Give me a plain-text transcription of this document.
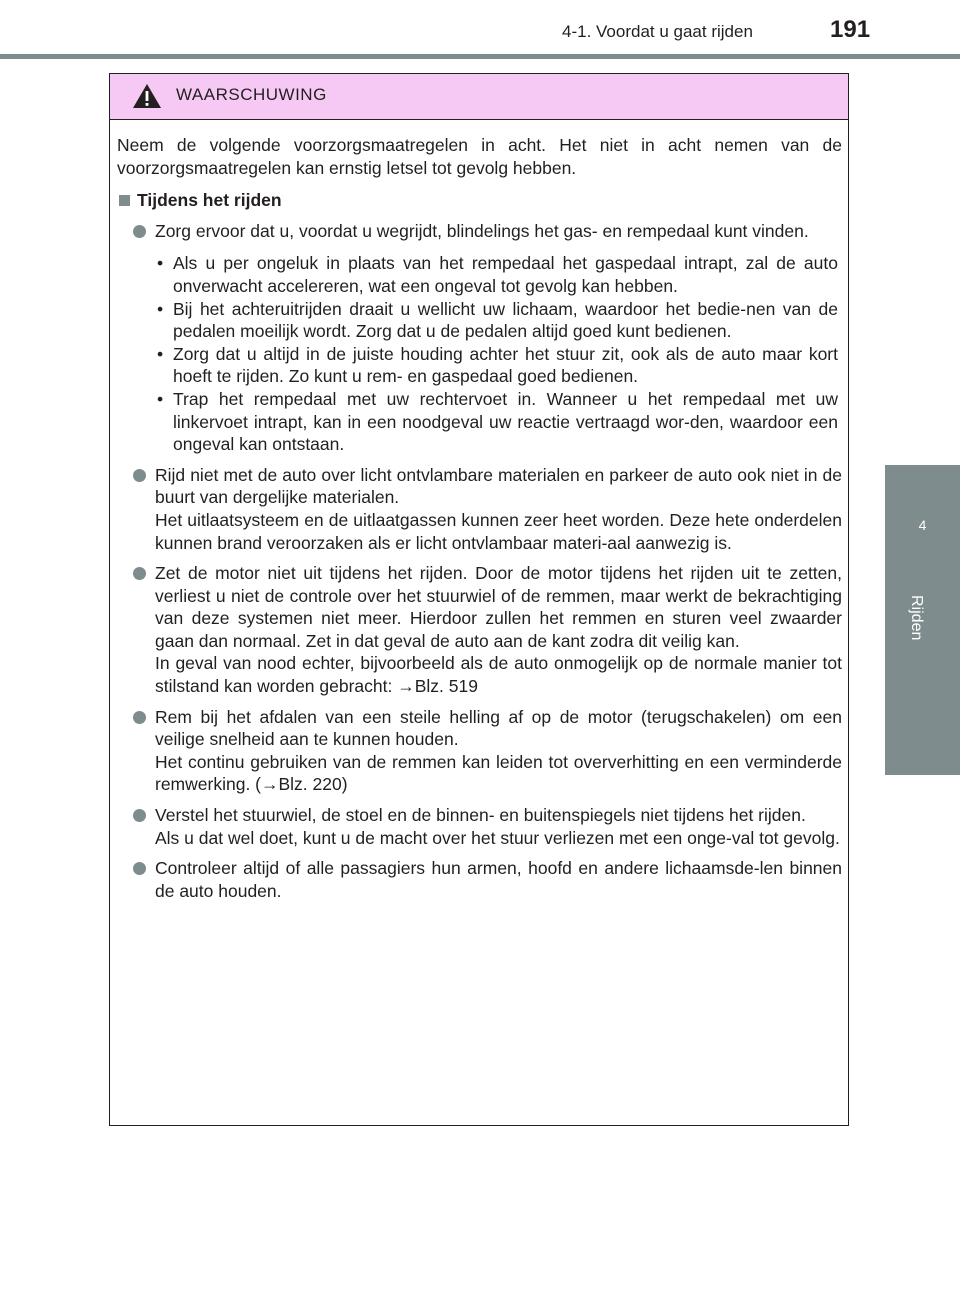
4-1. Voordat u gaat rijden	191
4
Rijden
WAARSCHUWING

Neem de volgende voorzorgsmaatregelen in acht. Het niet in acht nemen van de voorzorgsmaatregelen kan ernstig letsel tot gevolg hebben.

Tijdens het rijden
Zorg ervoor dat u, voordat u wegrijdt, blindelings het gas- en rempedaal kunt vinden.
• Als u per ongeluk in plaats van het rempedaal het gaspedaal intrapt, zal de auto onverwacht accelereren, wat een ongeval tot gevolg kan hebben.
• Bij het achteruitrijden draait u wellicht uw lichaam, waardoor het bedie-nen van de pedalen moeilijk wordt. Zorg dat u de pedalen altijd goed kunt bedienen.
• Zorg dat u altijd in de juiste houding achter het stuur zit, ook als de auto maar kort hoeft te rijden. Zo kunt u rem- en gaspedaal goed bedienen.
• Trap het rempedaal met uw rechtervoet in. Wanneer u het rempedaal met uw linkervoet intrapt, kan in een noodgeval uw reactie vertraagd wor-den, waardoor een ongeval kan ontstaan.
Rijd niet met de auto over licht ontvlambare materialen en parkeer de auto ook niet in de buurt van dergelijke materialen.
Het uitlaatsysteem en de uitlaatgassen kunnen zeer heet worden. Deze hete onderdelen kunnen brand veroorzaken als er licht ontvlambaar materi-aal aanwezig is.
Zet de motor niet uit tijdens het rijden. Door de motor tijdens het rijden uit te zetten, verliest u niet de controle over het stuurwiel of de remmen, maar werkt de bekrachtiging van deze systemen niet meer. Hierdoor zullen het remmen en sturen veel zwaarder gaan dan normaal. Zet in dat geval de auto aan de kant zodra dit veilig kan.
In geval van nood echter, bijvoorbeeld als de auto onmogelijk op de normale manier tot stilstand kan worden gebracht: →Blz. 519
Rem bij het afdalen van een steile helling af op de motor (terugschakelen) om een veilige snelheid aan te kunnen houden.
Het continu gebruiken van de remmen kan leiden tot oververhitting en een verminderde remwerking. (→Blz. 220)
Verstel het stuurwiel, de stoel en de binnen- en buitenspiegels niet tijdens het rijden.
Als u dat wel doet, kunt u de macht over het stuur verliezen met een onge-val tot gevolg.
Controleer altijd of alle passagiers hun armen, hoofd en andere lichaamsde-len binnen de auto houden.
